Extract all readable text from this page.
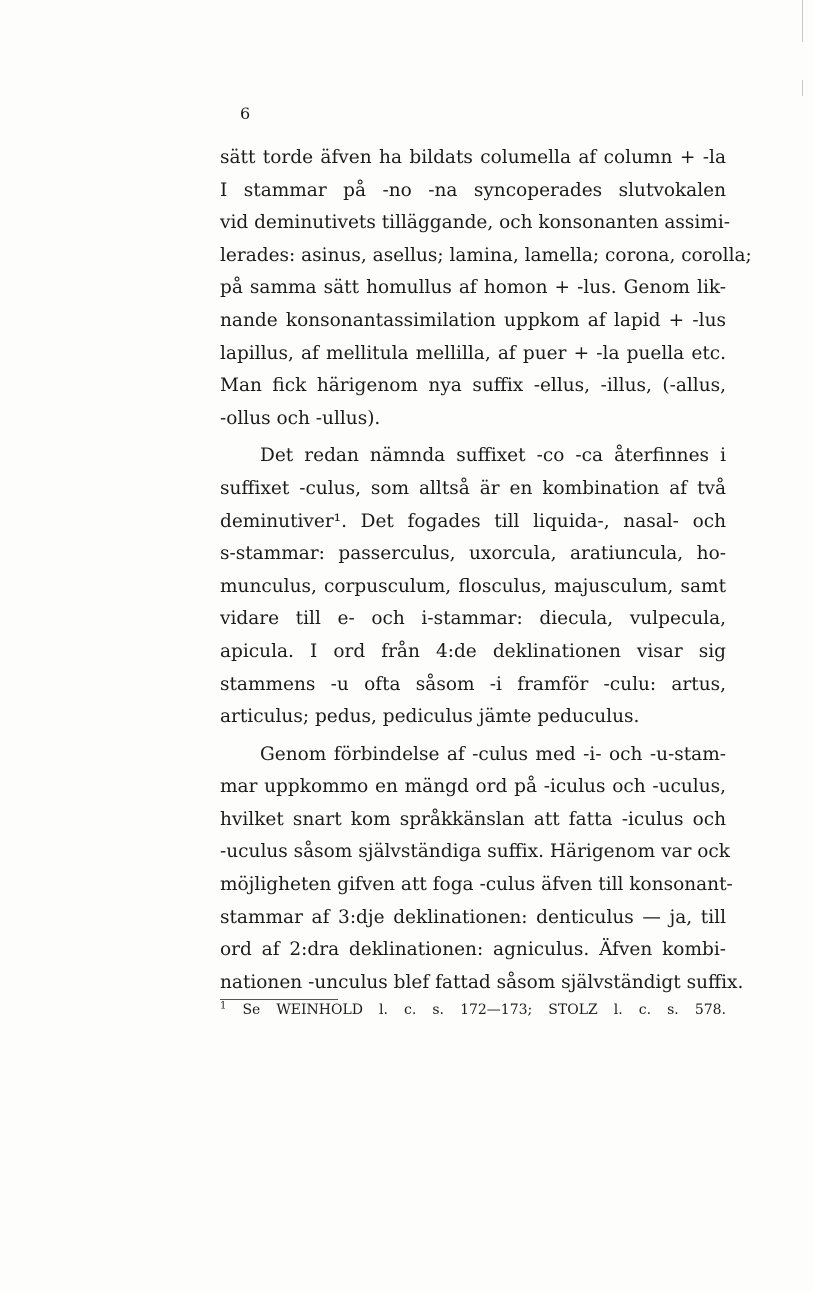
6
sätt torde äfven ha bildats columella af column + -la
I stammar på -no -na syncoperades slutvokalen
vid deminutivets tilläggande, och konsonanten assimi-
lerades: asinus, asellus; lamina, lamella; corona, corolla;
på samma sätt homullus af homon + -lus. Genom lik-
nande konsonantassimilation uppkom af lapid + -lus
lapillus, af mellitula mellilla, af puer + -la puella etc.
Man fick härigenom nya suffix -ellus, -illus, (-allus,
-ollus och -ullus).
Det redan nämnda suffixet -co -ca återfinnes i
suffixet -culus, som alltså är en kombination af två
deminutiver¹. Det fogades till liquida-, nasal- och
s-stammar: passerculus, uxorcula, aratiuncula, ho-
munculus, corpusculum, flosculus, majusculum, samt
vidare till e- och i-stammar: diecula, vulpecula,
apicula. I ord från 4:de deklinationen visar sig
stammens -u ofta såsom -i framför -culu: artus,
articulus; pedus, pediculus jämte peduculus.
Genom förbindelse af -culus med -i- och -u-stam-
mar uppkommo en mängd ord på -iculus och -uculus,
hvilket snart kom språkkänslan att fatta -iculus och
-uculus såsom självständiga suffix. Härigenom var ock
möjligheten gifven att foga -culus äfven till konsonant-
stammar af 3:dje deklinationen: denticulus — ja, till
ord af 2:dra deklinationen: agniculus. Äfven kombi-
nationen -unculus blef fattad såsom självständigt suffix.
$^1$ Se WEINHOLD l. c. s. 172—173; STOLZ l. c. s. 578.
